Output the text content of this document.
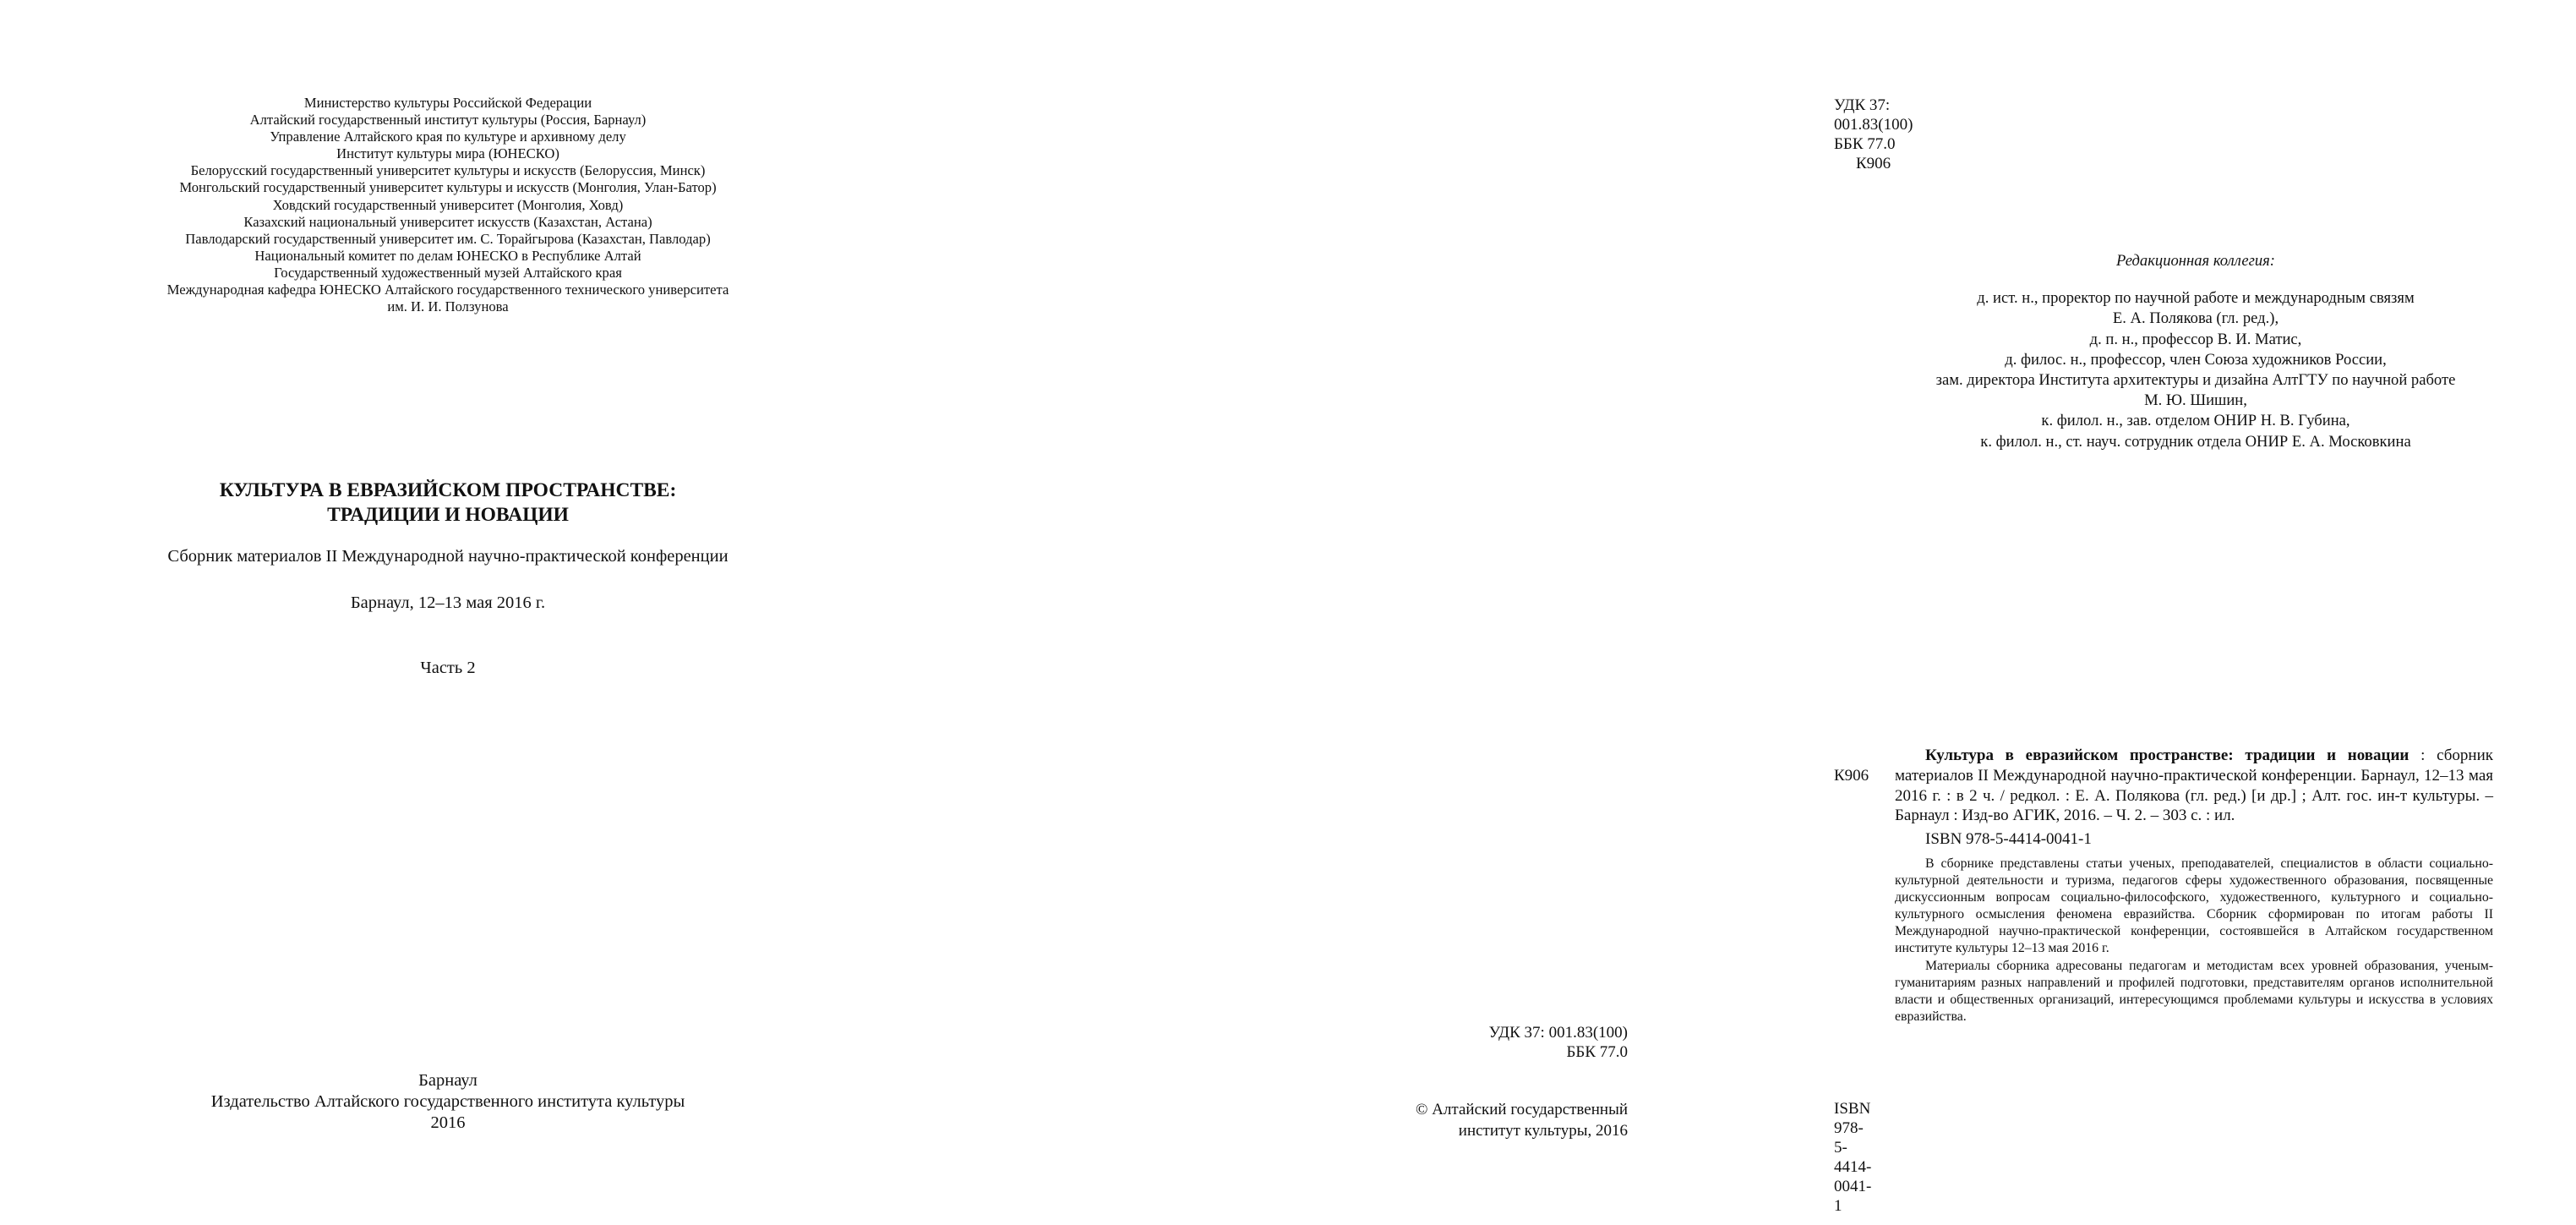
Министерство культуры Российской Федерации
Алтайский государственный институт культуры (Россия, Барнаул)
Управление Алтайского края по культуре и архивному делу
Институт культуры мира (ЮНЕСКО)
Белорусский государственный университет культуры и искусств (Белоруссия, Минск)
Монгольский государственный университет культуры и искусств (Монголия, Улан-Батор)
Ховдский государственный университет (Монголия, Ховд)
Казахский национальный университет искусств (Казахстан, Астана)
Павлодарский государственный университет им. С. Торайгырова (Казахстан, Павлодар)
Национальный комитет по делам ЮНЕСКО в Республике Алтай
Государственный художественный музей Алтайского края
Международная кафедра ЮНЕСКО Алтайского государственного технического университета
им. И. И. Ползунова
КУЛЬТУРА В ЕВРАЗИЙСКОМ ПРОСТРАНСТВЕ:
ТРАДИЦИИ И НОВАЦИИ
Сборник материалов II Международной научно-практической конференции
Барнаул, 12–13 мая 2016 г.
Часть 2
Барнаул
Издательство Алтайского государственного института культуры
2016
УДК 37: 001.83(100)
ББК 77.0
К906
Редакционная коллегия:
д. ист. н., проректор по научной работе и международным связям
Е. А. Полякова (гл. ред.),
д. п. н., профессор В. И. Матис,
д. филос. н., профессор, член Союза художников России,
зам. директора Института архитектуры и дизайна АлтГТУ по научной работе
М. Ю. Шишин,
к. филол. н., зав. отделом ОНИР Н. В. Губина,
к. филол. н., ст. науч. сотрудник отдела ОНИР Е. А. Московкина
К906
Культура в евразийском пространстве: традиции и новации : сборник материалов II Международной научно-практической конференции. Барнаул, 12–13 мая 2016 г. : в 2 ч. / редкол. : Е. А. Полякова (гл. ред.) [и др.] ; Алт. гос. ин-т культуры. – Барнаул : Изд-во АГИК, 2016. – Ч. 2. – 303 с. : ил.
ISBN 978-5-4414-0041-1

В сборнике представлены статьи ученых, преподавателей, специалистов в области социально-культурной деятельности и туризма, педагогов сферы художественного образования, посвященные дискуссионным вопросам социально-философского, художественного, культурного и социально-культурного осмысления феномена евразийства. Сборник сформирован по итогам работы II Международной научно-практической конференции, состоявшейся в Алтайском государственном институте культуры 12–13 мая 2016 г.

Материалы сборника адресованы педагогам и методистам всех уровней образования, ученым-гуманитариям разных направлений и профилей подготовки, представителям органов исполнительной власти и общественных организаций, интересующимся проблемами культуры и искусства в условиях евразийства.

УДК 37: 001.83(100)
ББК 77.0
ISBN 978-5-4414-0041-1
© Алтайский государственный
институт культуры, 2016
